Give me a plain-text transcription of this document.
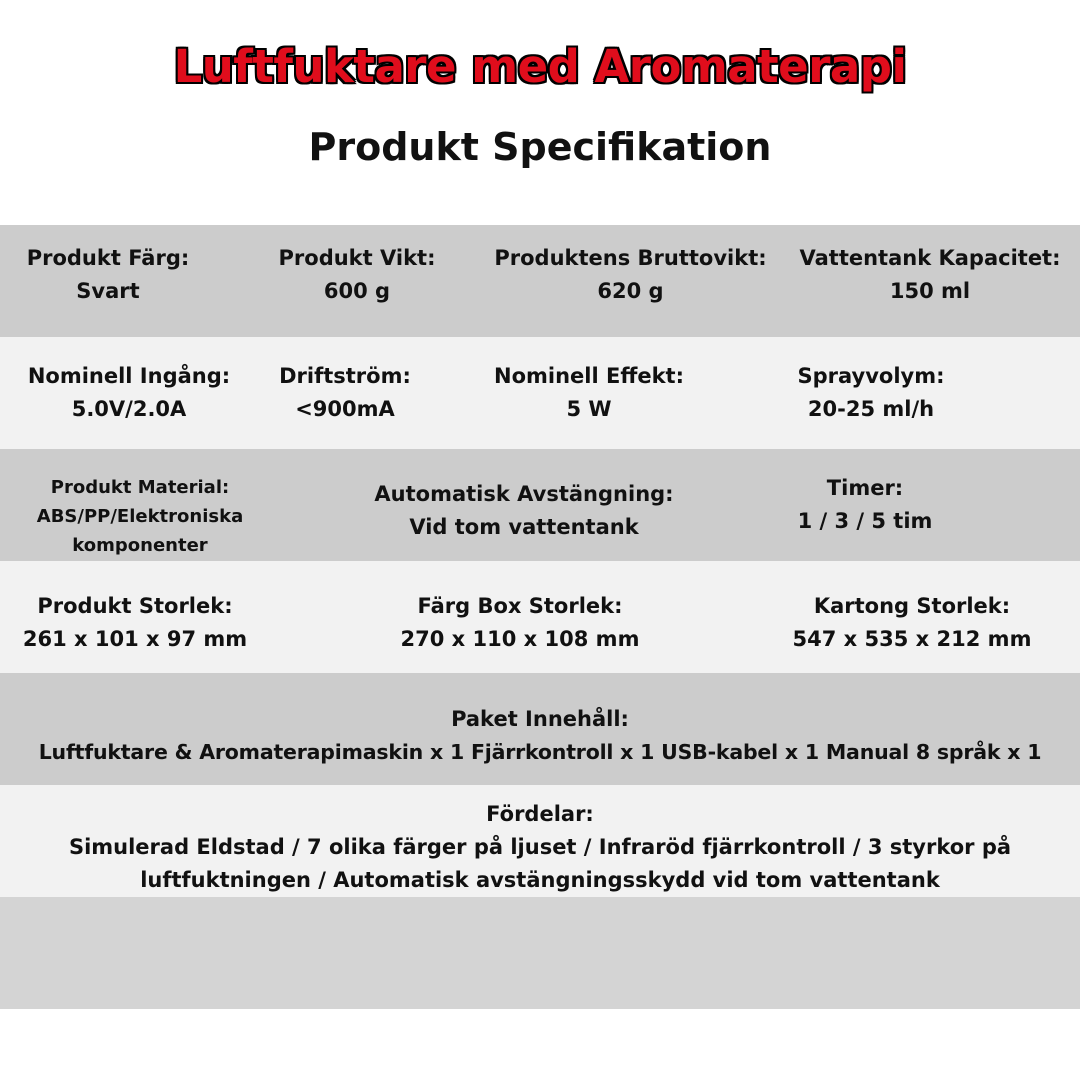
Luftfuktare med Aromaterapi
Produkt Specifikation
Produkt Färg:
Svart
Produkt Vikt:
600 g
Produktens Bruttovikt:
620 g
Vattentank Kapacitet:
150 ml
Nominell Ingång:
5.0V/2.0A
Driftström:
<900mA
Nominell Effekt:
5 W
Sprayvolym:
20-25 ml/h
Produkt Material:
ABS/PP/Elektroniska
komponenter
Automatisk Avstängning:
Vid tom vattentank
Timer:
1 / 3 / 5 tim
Produkt Storlek:
261 x 101 x 97 mm
Färg Box Storlek:
270 x 110 x 108 mm
Kartong Storlek:
547 x 535 x 212 mm
Paket Innehåll:
Luftfuktare & Aromaterapimaskin x 1 Fjärrkontroll x 1 USB-kabel x 1 Manual 8 språk x 1
Fördelar:
Simulerad Eldstad / 7 olika färger på ljuset / Infraröd fjärrkontroll / 3 styrkor på
luftfuktningen / Automatisk avstängningsskydd vid tom vattentank
